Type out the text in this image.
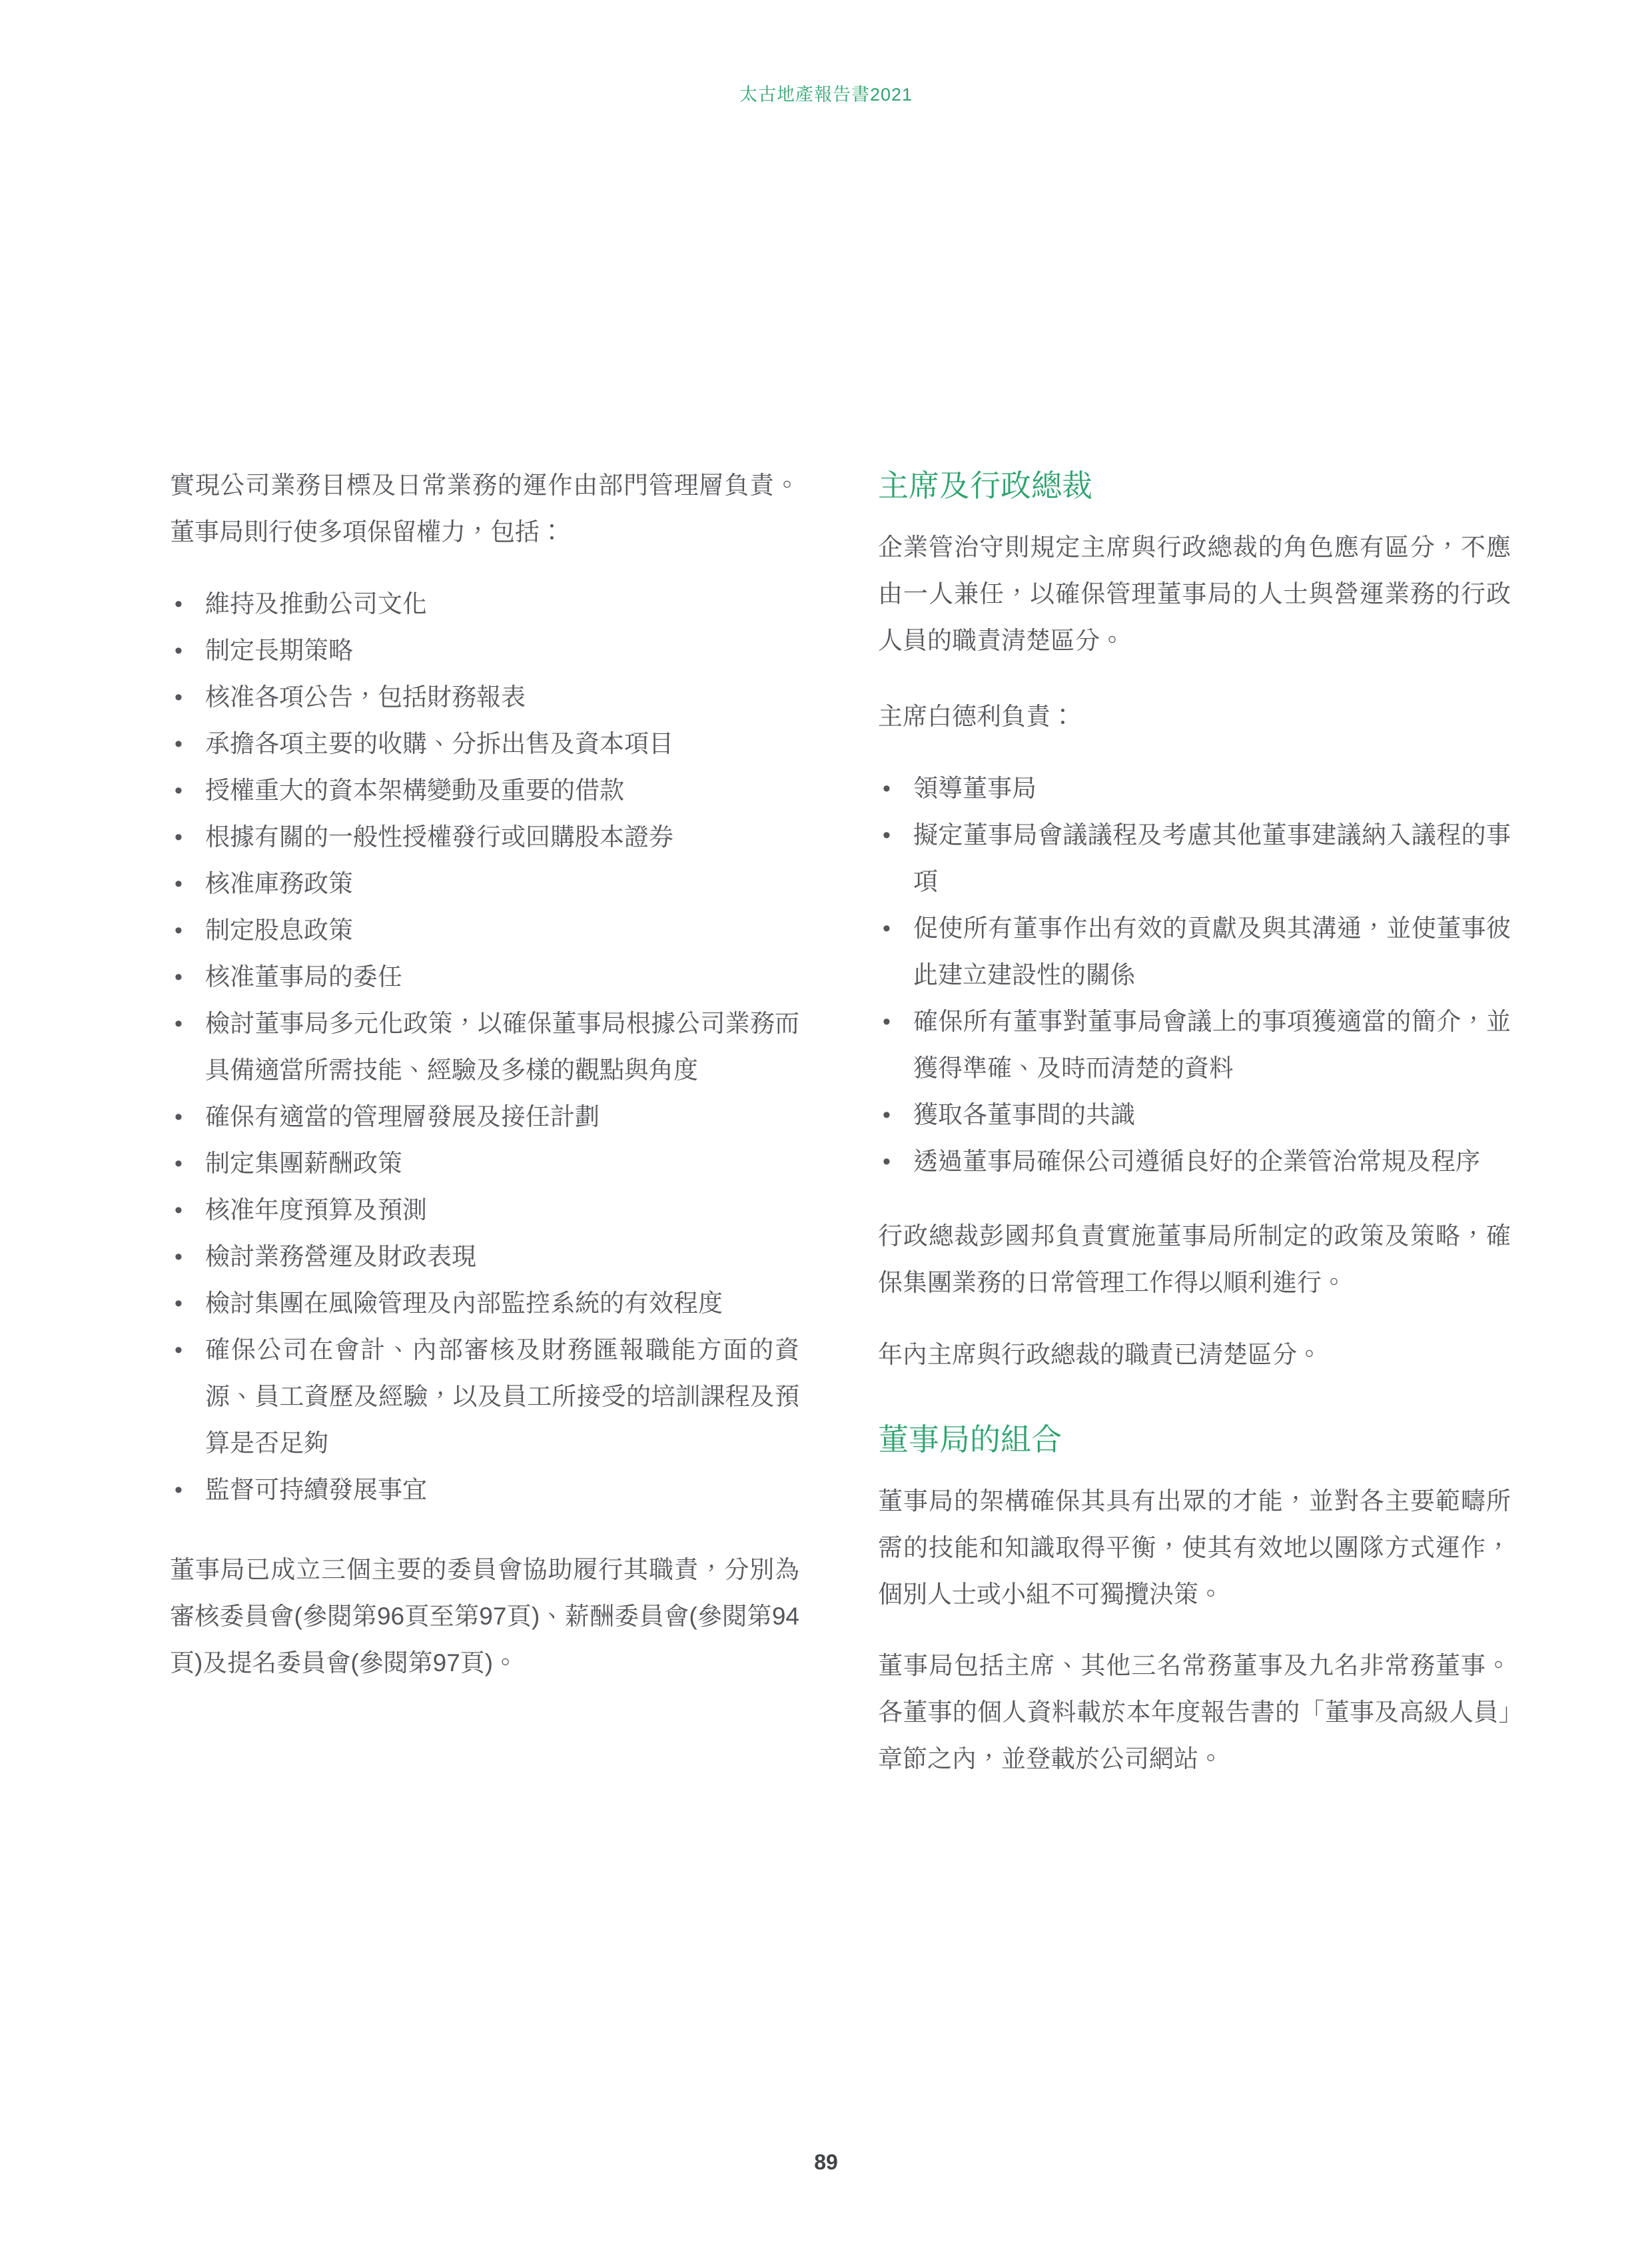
太古地產報告書2021

實現公司業務目標及日常業務的運作由部門管理層負責。董事局則行使多項保留權力，包括：

• 維持及推動公司文化
• 制定長期策略
• 核准各項公告，包括財務報表
• 承擔各項主要的收購、分拆出售及資本項目
• 授權重大的資本架構變動及重要的借款
• 根據有關的一般性授權發行或回購股本證券
• 核准庫務政策
• 制定股息政策
• 核准董事局的委任
• 檢討董事局多元化政策，以確保董事局根據公司業務而具備適當所需技能、經驗及多樣的觀點與角度
• 確保有適當的管理層發展及接任計劃
• 制定集團薪酬政策
• 核准年度預算及預測
• 檢討業務營運及財政表現
• 檢討集團在風險管理及內部監控系統的有效程度
• 確保公司在會計、內部審核及財務匯報職能方面的資源、員工資歷及經驗，以及員工所接受的培訓課程及預算是否足夠
• 監督可持續發展事宜

董事局已成立三個主要的委員會協助履行其職責，分別為審核委員會(參閱第96頁至第97頁)、薪酬委員會(參閱第94頁)及提名委員會(參閱第97頁)。

主席及行政總裁

企業管治守則規定主席與行政總裁的角色應有區分，不應由一人兼任，以確保管理董事局的人士與營運業務的行政人員的職責清楚區分。

主席白德利負責：

• 領導董事局
• 擬定董事局會議議程及考慮其他董事建議納入議程的事項
• 促使所有董事作出有效的貢獻及與其溝通，並使董事彼此建立建設性的關係
• 確保所有董事對董事局會議上的事項獲適當的簡介，並獲得準確、及時而清楚的資料
• 獲取各董事間的共識
• 透過董事局確保公司遵循良好的企業管治常規及程序

行政總裁彭國邦負責實施董事局所制定的政策及策略，確保集團業務的日常管理工作得以順利進行。

年內主席與行政總裁的職責已清楚區分。

董事局的組合

董事局的架構確保其具有出眾的才能，並對各主要範疇所需的技能和知識取得平衡，使其有效地以團隊方式運作，個別人士或小組不可獨攬決策。

董事局包括主席、其他三名常務董事及九名非常務董事。各董事的個人資料載於本年度報告書的「董事及高級人員」章節之內，並登載於公司網站。

89
